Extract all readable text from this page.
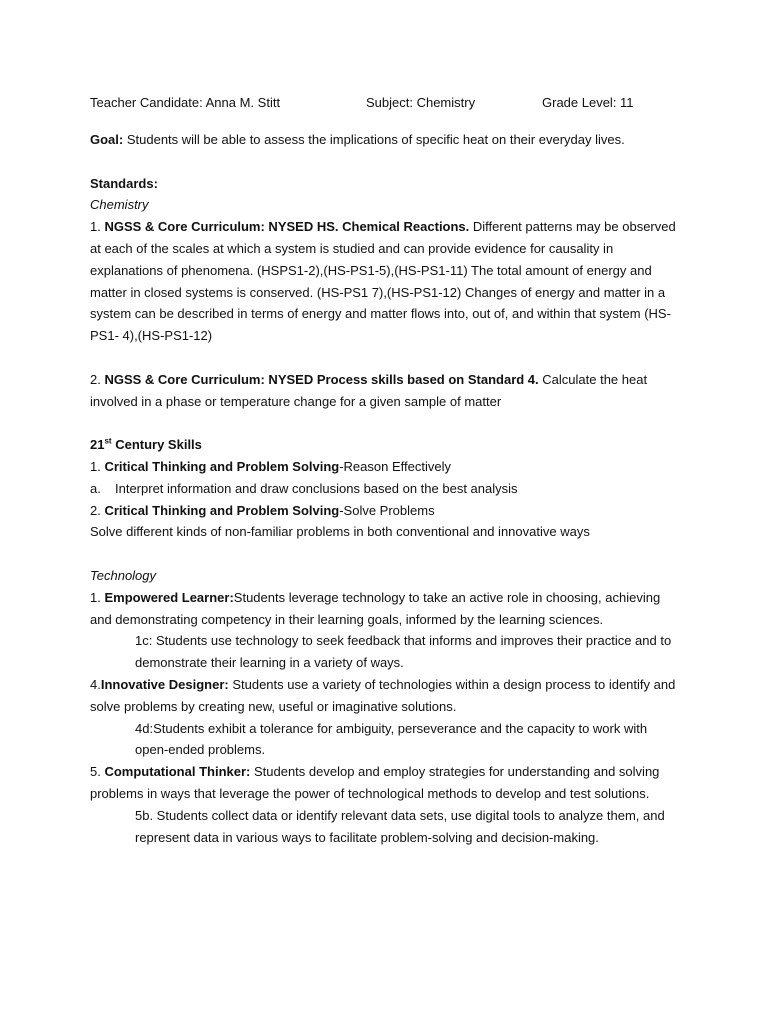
Teacher Candidate: Anna M. Stitt	Subject: Chemistry	Grade Level: 11

Goal: Students will be able to assess the implications of specific heat on their everyday lives.

Standards:

Chemistry

1. NGSS & Core Curriculum: NYSED HS. Chemical Reactions. Different patterns may be observed at each of the scales at which a system is studied and can provide evidence for causality in explanations of phenomena. (HSPS1-2),(HS-PS1-5),(HS-PS1-11) The total amount of energy and matter in closed systems is conserved. (HS-PS1 7),(HS-PS1-12) Changes of energy and matter in a system can be described in terms of energy and matter flows into, out of, and within that system (HS-PS1- 4),(HS-PS1-12)

2. NGSS & Core Curriculum: NYSED Process skills based on Standard 4. Calculate the heat involved in a phase or temperature change for a given sample of matter

21st Century Skills

1. Critical Thinking and Problem Solving-Reason Effectively

a.	Interpret information and draw conclusions based on the best analysis

2. Critical Thinking and Problem Solving-Solve Problems

Solve different kinds of non-familiar problems in both conventional and innovative ways

Technology

1. Empowered Learner:Students leverage technology to take an active role in choosing, achieving and demonstrating competency in their learning goals, informed by the learning sciences.

1c: Students use technology to seek feedback that informs and improves their practice and to demonstrate their learning in a variety of ways.

4.Innovative Designer: Students use a variety of technologies within a design process to identify and solve problems by creating new, useful or imaginative solutions.

4d:Students exhibit a tolerance for ambiguity, perseverance and the capacity to work with open-ended problems.

5. Computational Thinker: Students develop and employ strategies for understanding and solving problems in ways that leverage the power of technological methods to develop and test solutions.

5b. Students collect data or identify relevant data sets, use digital tools to analyze them, and represent data in various ways to facilitate problem-solving and decision-making.
